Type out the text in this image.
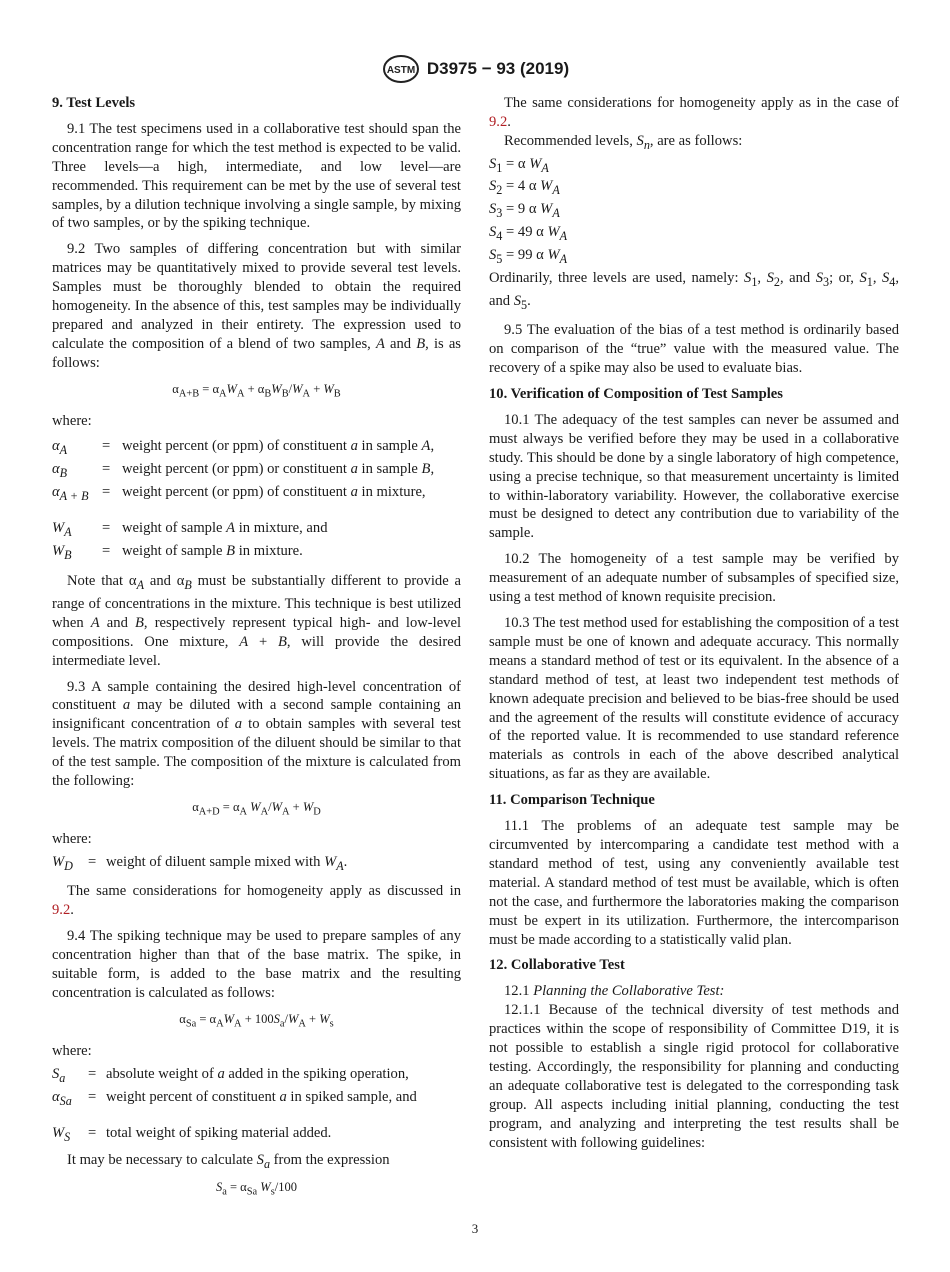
ASTM D3975 − 93 (2019)

9. Test Levels

9.1 The test specimens used in a collaborative test should span the concentration range for which the test method is expected to be valid. Three levels—a high, intermediate, and low level—are recommended. This requirement can be met by the use of several test samples, by a dilution technique involving a single sample, by mixing of two samples, or by the spiking technique.

9.2 Two samples of differing concentration but with similar matrices may be quantitatively mixed to provide several test levels. Samples must be thoroughly blended to obtain the required homogeneity. In the absence of this, test samples may be individually prepared and analyzed in their entirety. The expression used to calculate the composition of a blend of two samples, A and B, is as follows:

$\alpha_{A+B} = \alpha_AW_A + \alpha_BW_B/W_A + W_B$

where:

$\alpha_A$	= weight percent (or ppm) of constituent a in sample A,
$\alpha_B$	= weight percent (or ppm) or constituent a in sample B,
$\alpha_{A + B}$ = weight percent (or ppm) of constituent a in mixture,
$W_A$	= weight of sample A in mixture, and
$W_B$	= weight of sample B in mixture.

Note that $\alpha_A$ and $\alpha_B$ must be substantially different to provide a range of concentrations in the mixture. This technique is best utilized when A and B, respectively represent typical high- and low-level compositions. One mixture, A + B, will provide the desired intermediate level.

9.3 A sample containing the desired high-level concentration of constituent a may be diluted with a second sample containing an insignificant concentration of a to obtain samples with several test levels. The matrix composition of the diluent should be similar to that of the test sample. The composition of the mixture is calculated from the following:

$\alpha_{A+D} = \alpha_A$ $W_A/W_A + W_D$

where:

$W_D$	= weight of diluent sample mixed with $W_A$.

The same considerations for homogeneity apply as discussed in 9.2.

9.4 The spiking technique may be used to prepare samples of any concentration higher than that of the base matrix. The spike, in suitable form, is added to the base matrix and the resulting concentration is calculated as follows:

$\alpha_{Sa} = \alpha_AW_A + 100S_a/W_A + W_s$

where:

$S_a$	= absolute weight of a added in the spiking operation,
$\alpha_{Sa}$	= weight percent of constituent a in spiked sample, and
$W_S$	= total weight of spiking material added.

It may be necessary to calculate $S_a$ from the expression

$S_a = \alpha_{Sa}$ $W_s/100$

The same considerations for homogeneity apply as in the case of 9.2.

Recommended levels, $S_n$, are as follows:

$S_1 = \alpha$ $W_A$
$S_2 = 4$ α $W_A$
$S_3 = 9$ α $W_A$
$S_4 = 49$ α $W_A$
$S_5 = 99$ α $W_A$

Ordinarily, three levels are used, namely: $S_1$, $S_2$, and $S_3$; or, $S_1$, $S_4$, and $S_5$.

9.5 The evaluation of the bias of a test method is ordinarily based on comparison of the “true” value with the measured value. The recovery of a spike may also be used to evaluate bias.

10. Verification of Composition of Test Samples

10.1 The adequacy of the test samples can never be assumed and must always be verified before they may be used in a collaborative study. This should be done by a single laboratory of high competence, using a precise technique, so that measurement uncertainty is limited to within-laboratory variability. However, the collaborative exercise must be designed to detect any contribution due to variability of the sample.

10.2 The homogeneity of a test sample may be verified by measurement of an adequate number of subsamples of specified size, using a test method of known requisite precision.

10.3 The test method used for establishing the composition of a test sample must be one of known and adequate accuracy. This normally means a standard method of test or its equivalent. In the absence of a standard method of test, at least two independent test methods of known adequate precision and believed to be bias-free should be used and the agreement of the results will constitute evidence of accuracy of the reported value. It is recommended to use standard reference materials as controls in each of the above described analytical situations, as far as they are available.

11. Comparison Technique

11.1 The problems of an adequate test sample may be circumvented by intercomparing a candidate test method with a standard method of test, using any conveniently available test material. A standard method of test must be available, which is often not the case, and furthermore the laboratories making the comparison must be expert in its utilization. Furthermore, the intercomparison must be made according to a statistically valid plan.

12. Collaborative Test

12.1 Planning the Collaborative Test:

12.1.1 Because of the technical diversity of test methods and practices within the scope of responsibility of Committee D19, it is not possible to establish a single rigid protocol for collaborative testing. Accordingly, the responsibility for planning and conducting an adequate collaborative test is delegated to the corresponding task group. All aspects including initial planning, conducting the test program, and analyzing and interpreting the test results shall be consistent with following guidelines:

3
